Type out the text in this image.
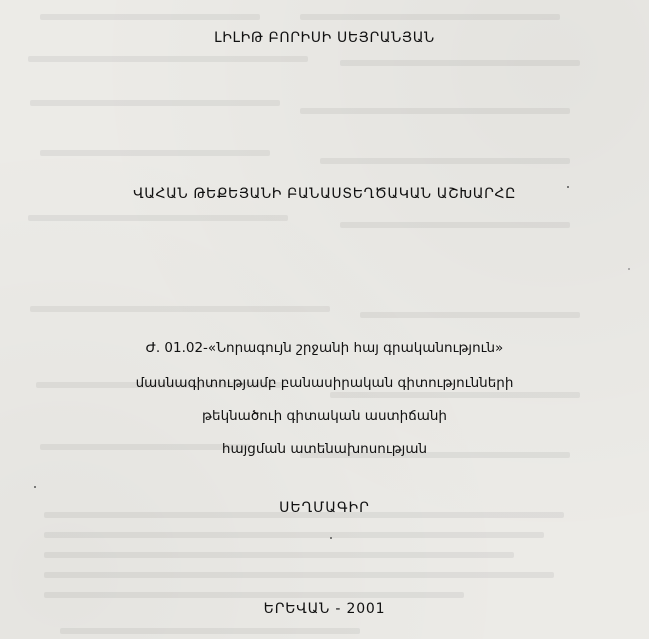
ԼԻԼԻԹ ԲՈՐԻՍԻ ՍԵՅՐԱՆՅԱՆ
ՎԱՀԱՆ ԹԵՔԵՅԱՆԻ ԲԱՆԱՍՏԵՂԾԱԿԱՆ ԱՇԽԱՐՀԸ
Ժ. 01.02-«Նորագույն շրջանի հայ գրականություն»
մասնագիտությամբ բանասիրական գիտությունների
թեկնածուի գիտական աստիճանի
հայցման ատենախոսության
ՍԵՂՄԱԳԻՐ
ԵՐԵՎԱՆ - 2001
